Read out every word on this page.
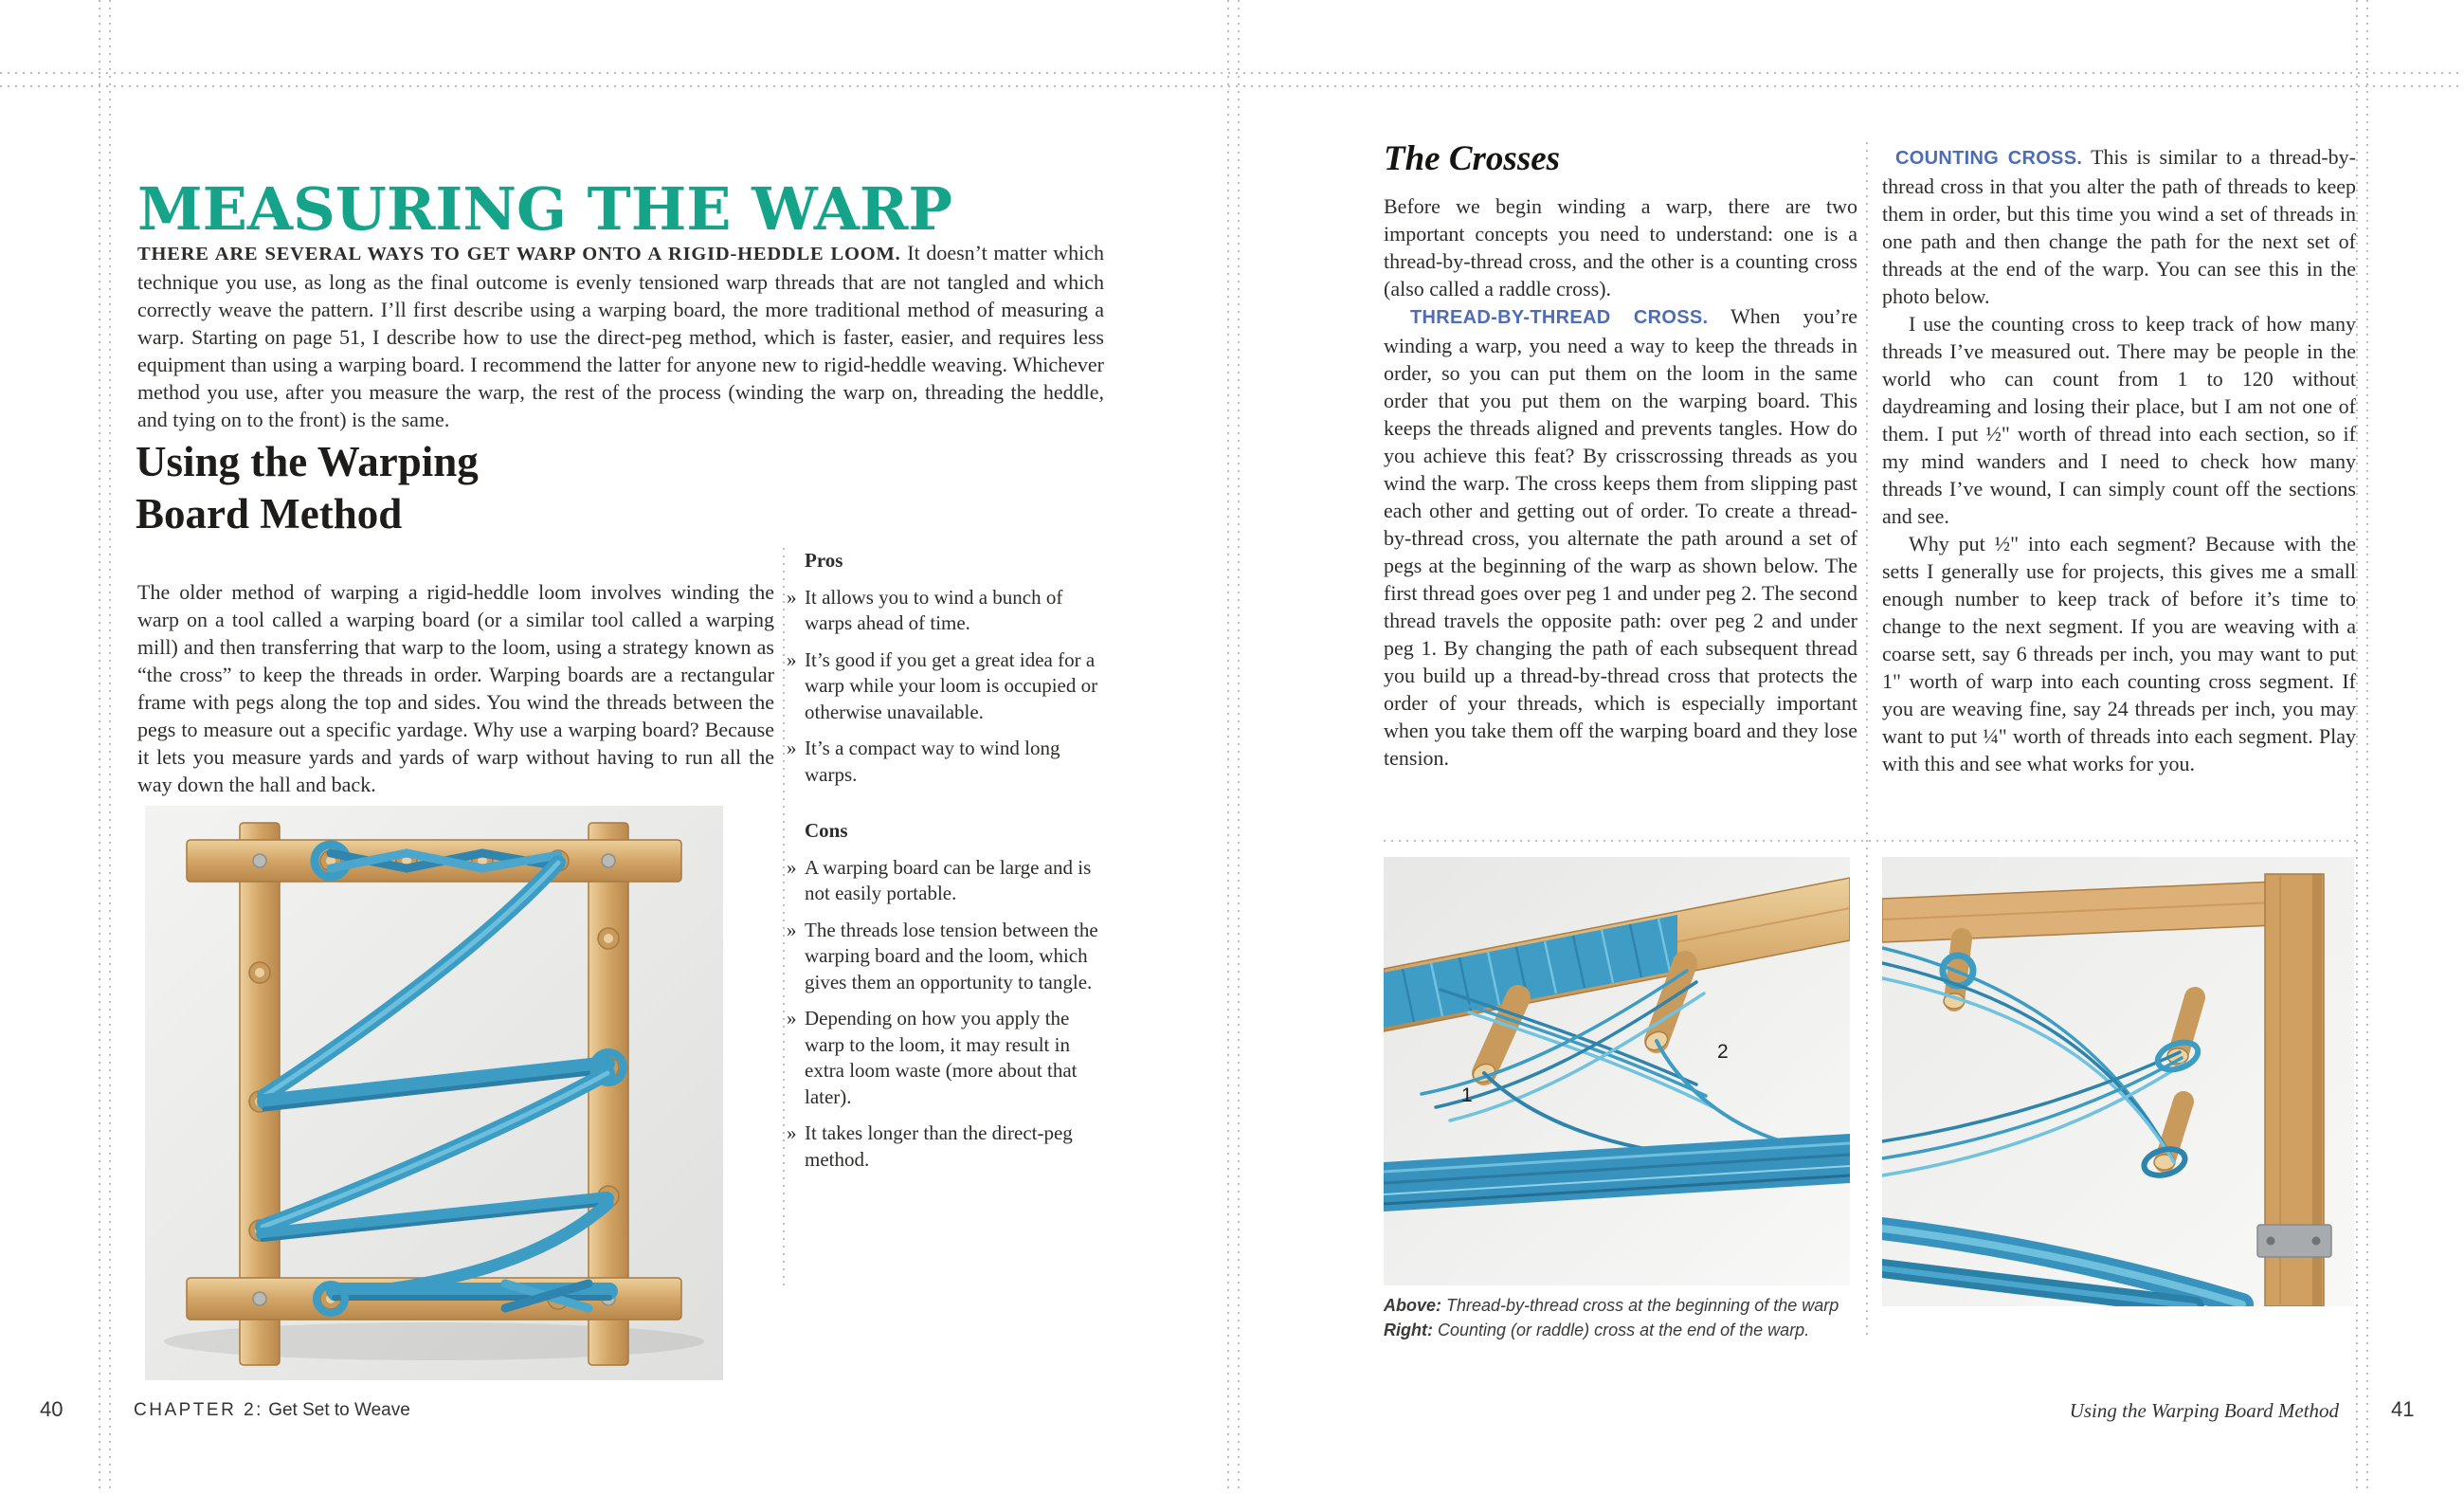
MEASURING THE WARP

THERE ARE SEVERAL WAYS TO GET WARP ONTO A RIGID-HEDDLE LOOM. It doesn’t matter which technique you use, as long as the final outcome is evenly tensioned warp threads that are not tangled and which correctly weave the pattern. I’ll first describe using a warping board, the more traditional method of measuring a warp. Starting on page 51, I describe how to use the direct-peg method, which is faster, easier, and requires less equipment than using a warping board. I recommend the latter for anyone new to rigid-heddle weaving. Whichever method you use, after you measure the warp, the rest of the process (winding the warp on, threading the heddle, and tying on to the front) is the same.

Using the Warping
Board Method

The older method of warping a rigid-heddle loom involves winding the warp on a tool called a warping board (or a similar tool called a warping mill) and then transferring that warp to the loom, using a strategy known as “the cross” to keep the threads in order. Warping boards are a rectangular frame with pegs along the top and sides. You wind the threads between the pegs to measure out a specific yardage. Why use a warping board? Because it lets you measure yards and yards of warp without having to run all the way down the hall and back.

Pros
» It allows you to wind a bunch of warps ahead of time.
» It’s good if you get a great idea for a warp while your loom is occupied or otherwise unavailable.
» It’s a compact way to wind long warps.
Cons
» A warping board can be large and is not easily portable.
» The threads lose tension between the warping board and the loom, which gives them an opportunity to tangle.
» Depending on how you apply the warp to the loom, it may result in extra loom waste (more about that later).
» It takes longer than the direct-peg method.
40	CHAPTER 2: Get Set to Weave
The Crosses

Before we begin winding a warp, there are two important concepts you need to understand: one is a thread-by-thread cross, and the other is a counting cross (also called a raddle cross).

THREAD-BY-THREAD CROSS. When you’re winding a warp, you need a way to keep the threads in order, so you can put them on the loom in the same order that you put them on the warping board. This keeps the threads aligned and prevents tangles. How do you achieve this feat? By crisscrossing threads as you wind the warp. The cross keeps them from slipping past each other and getting out of order. To create a thread-by-thread cross, you alternate the path around a set of pegs at the beginning of the warp as shown below. The first thread goes over peg 1 and under peg 2. The second thread travels the opposite path: over peg 2 and under peg 1. By changing the path of each subsequent thread you build up a thread-by-thread cross that protects the order of your threads, which is especially important when you take them off the warping board and they lose tension.

COUNTING CROSS. This is similar to a thread-by-thread cross in that you alter the path of threads to keep them in order, but this time you wind a set of threads in one path and then change the path for the next set of threads at the end of the warp. You can see this in the photo below.

I use the counting cross to keep track of how many threads I’ve measured out. There may be people in the world who can count from 1 to 120 without daydreaming and losing their place, but I am not one of them. I put ½" worth of thread into each section, so if my mind wanders and I need to check how many threads I’ve wound, I can simply count off the sections and see.

Why put ½" into each segment? Because with the setts I generally use for projects, this gives me a small enough number to keep track of before it’s time to change to the next segment. If you are weaving with a coarse sett, say 6 threads per inch, you may want to put 1" worth of warp into each counting cross segment. If you are weaving fine, say 24 threads per inch, you may want to put ¼" worth of threads into each segment. Play with this and see what works for you.

1
2
Above: Thread-by-thread cross at the beginning of the warp
Right: Counting (or raddle) cross at the end of the warp.
Using the Warping Board Method	41
